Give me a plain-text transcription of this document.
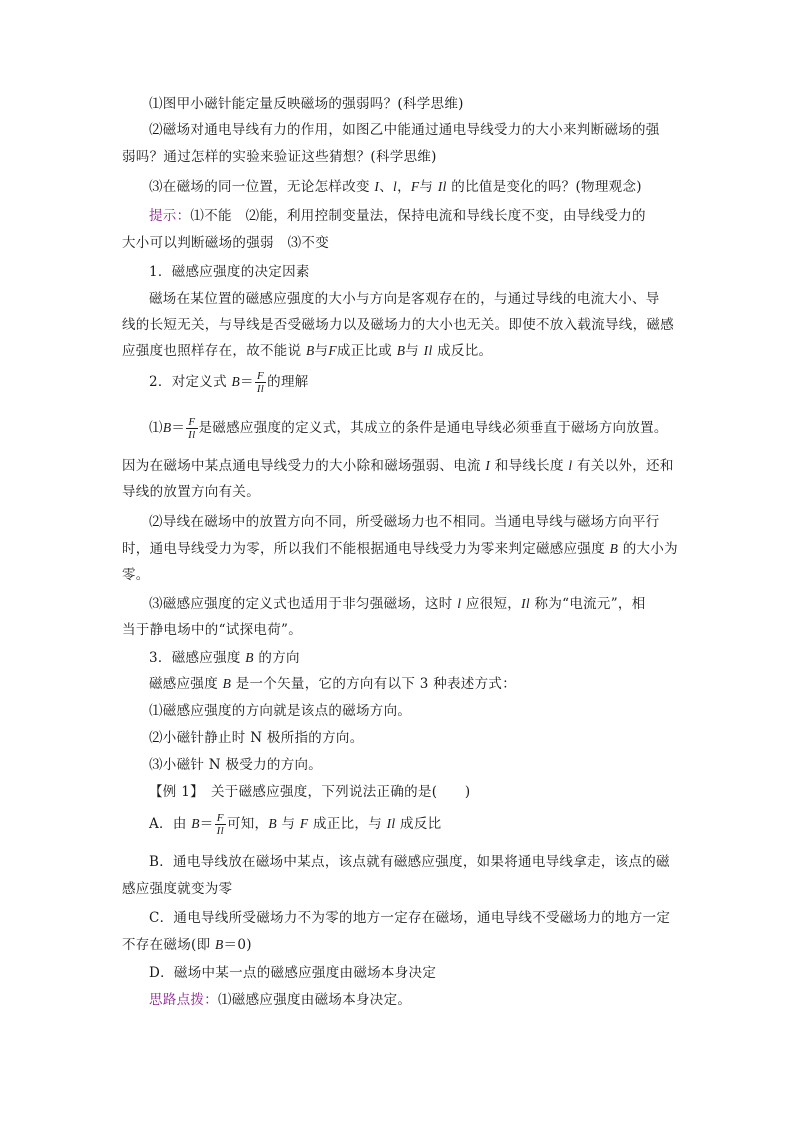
⑴图甲小磁针能定量反映磁场的强弱吗？(科学思维)
⑵磁场对通电导线有力的作用，如图乙中能通过通电导线受力的大小来判断磁场的强
弱吗？通过怎样的实验来验证这些猜想？(科学思维)
⑶在磁场的同一位置，无论怎样改变 I、l，F与 Il 的比值是变化的吗？(物理观念)
提示：⑴不能　⑵能，利用控制变量法，保持电流和导线长度不变，由导线受力的
大小可以判断磁场的强弱　⑶不变
1．磁感应强度的决定因素
磁场在某位置的磁感应强度的大小与方向是客观存在的，与通过导线的电流大小、导
线的长短无关，与导线是否受磁场力以及磁场力的大小也无关。即使不放入载流导线，磁感
应强度也照样存在，故不能说 B与F成正比或 B与 Il 成反比。
2．对定义式 $B= \frac{F}{Il}$ 的理解
⑴B＝ $\frac{F}{Il}$ 是磁感应强度的定义式，其成立的条件是通电导线必须垂直于磁场方向放置。
因为在磁场中某点通电导线受力的大小除和磁场强弱、电流 I 和导线长度 l 有关以外，还和
导线的放置方向有关。
⑵导线在磁场中的放置方向不同，所受磁场力也不相同。当通电导线与磁场方向平行
时，通电导线受力为零，所以我们不能根据通电导线受力为零来判定磁感应强度 B 的大小为
零。
⑶磁感应强度的定义式也适用于非匀强磁场，这时 l 应很短，Il 称为“电流元”，相
当于静电场中的“试探电荷”。
3．磁感应强度 B 的方向
磁感应强度 B 是一个矢量，它的方向有以下 3 种表述方式：
⑴磁感应强度的方向就是该点的磁场方向。
⑵小磁针静止时 N 极所指的方向。
⑶小磁针 N 极受力的方向。
【例 1】　关于磁感应强度，下列说法正确的是(　　)
A．由 $B= \frac{F}{Il}$ 可知，B 与 F 成正比，与 Il 成反比
B．通电导线放在磁场中某点，该点就有磁感应强度，如果将通电导线拿走，该点的磁
感应强度就变为零
C．通电导线所受磁场力不为零的地方一定存在磁场，通电导线不受磁场力的地方一定
不存在磁场(即 B＝0)
D．磁场中某一点的磁感应强度由磁场本身决定
思路点拨：⑴磁感应强度由磁场本身决定。
